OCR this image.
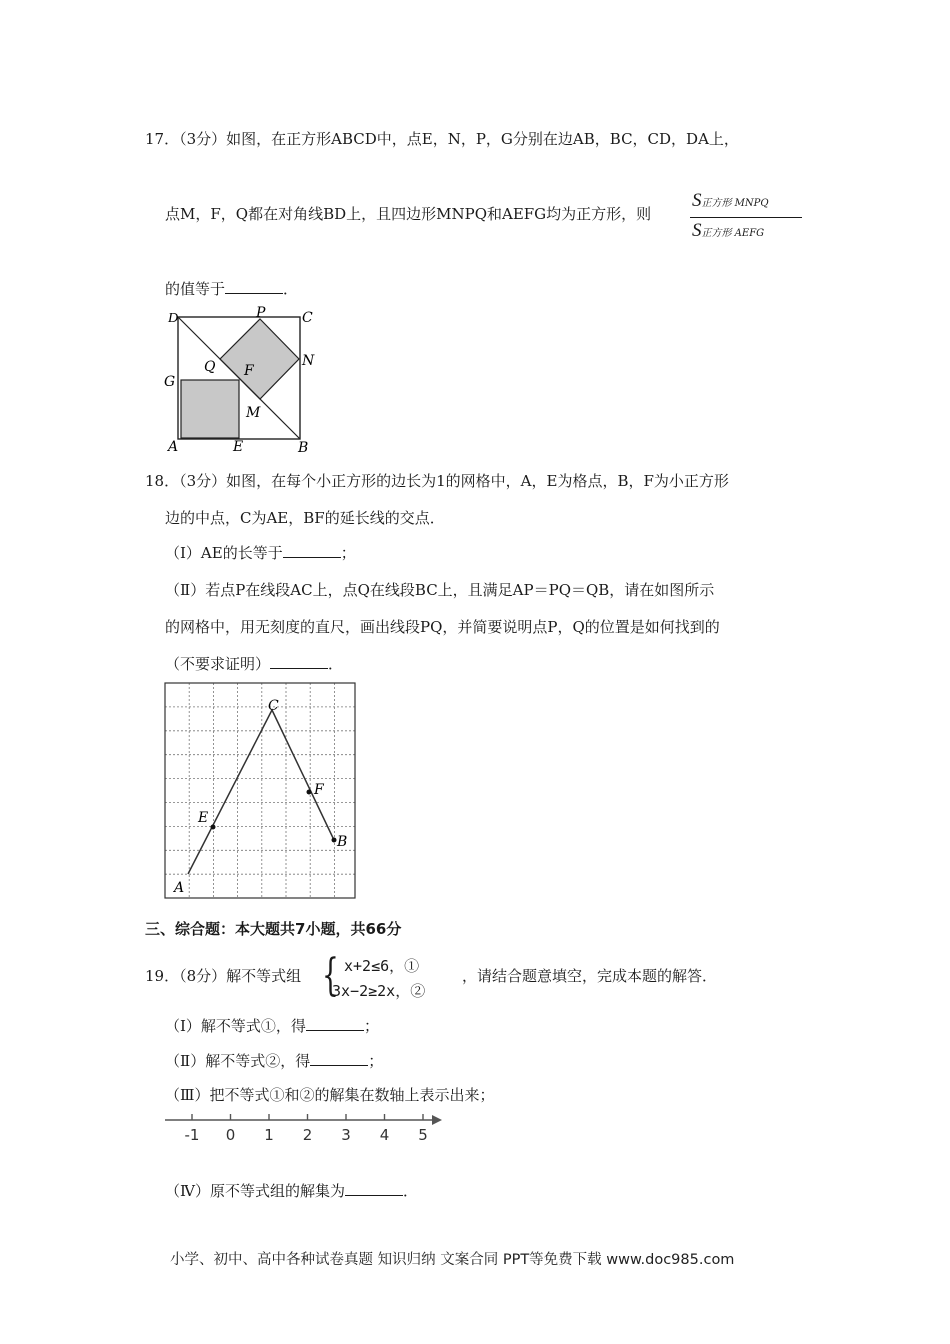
17．（3分）如图，在正方形ABCD中，点E，N，P，G分别在边AB，BC，CD，DA上，
点M，F，Q都在对角线BD上，且四边形MNPQ和AEFG均为正方形，则
S正方形 MNPQ
S正方形 AEFG
的值等于	．
D	P	C
Q F
N
G
M
A	E	B
18．（3分）如图，在每个小正方形的边长为1的网格中，A，E为格点，B，F为小正方形
边的中点，C为AE，BF的延长线的交点．
（Ⅰ）AE的长等于	；
（Ⅱ）若点P在线段AC上，点Q在线段BC上，且满足AP＝PQ＝QB，请在如图所示
的网格中，用无刻度的直尺，画出线段PQ，并简要说明点P，Q的位置是如何找到的
（不要求证明）	．
C
E
F
B
A
三、综合题：本大题共7小题，共66分
19．（8分）解不等式组 { x+2≤6，①
3x−2≥2x，②
，请结合题意填空，完成本题的解答．
（Ⅰ）解不等式①，得	；
（Ⅱ）解不等式②，得	；
（Ⅲ）把不等式①和②的解集在数轴上表示出来；
-1 0 1 2 3 4 5
（Ⅳ）原不等式组的解集为	．
小学、初中、高中各种试卷真题 知识归纳 文案合同 PPT等免费下载 www.doc985.com
